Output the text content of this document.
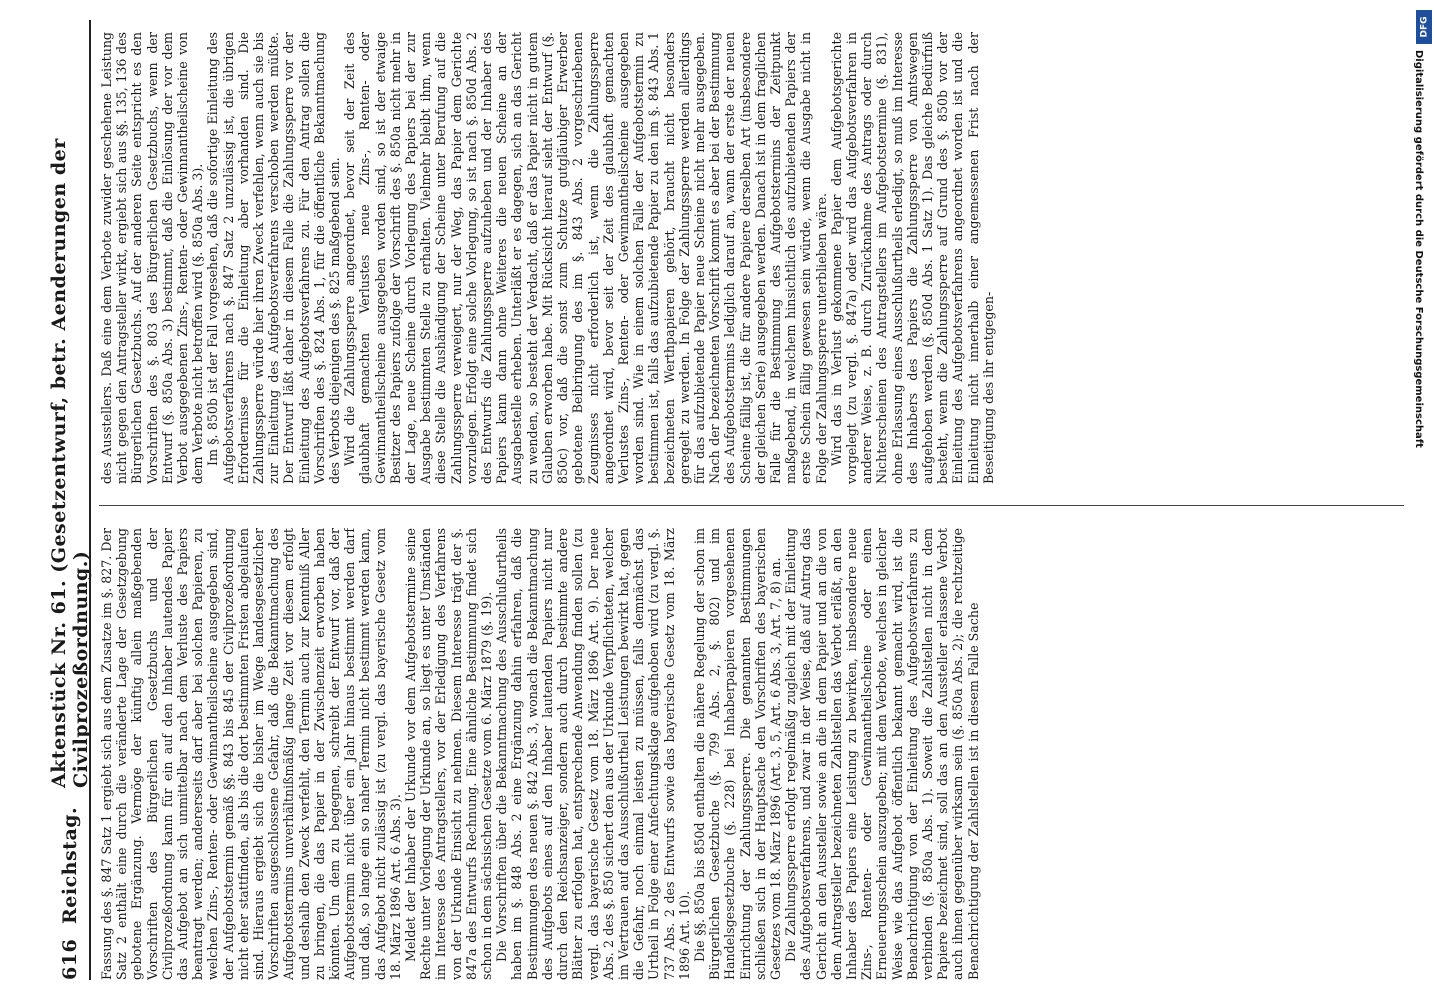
616
Reichstag.
Aktenstück Nr. 61. (Gesetzentwurf, betr. Aenderungen der Civilprozeßordnung.) Fassung des §. 847 Satz 1 ergiebt sich aus dem Zusatze im §. 827. Der Satz 2 enthält eine durch die veränderte Lage der Gesetzgebung gebotene Ergänzung. Vermöge der künftig allein maßgebenden Vorschriften des Bürgerlichen Gesetzbuchs und der Civilprozeßordnung kann für ein auf den Inhaber lautendes Papier das Aufgebot an sich unmittelbar nach dem Verluste des Papiers beantragt werden; andererseits darf aber bei solchen Papieren, zu welchen Zins-, Renten- oder Gewinnantheilscheine ausgegeben sind, der Aufgebotstermin gemäß §§. 843 bis 845 der Civilprozeßordnung nicht eher stattfinden, als bis die dort bestimmten Fristen abgelaufen sind. Hieraus ergiebt sich die bisher im Wege landesgesetzlicher Vorschriften ausgeschlossene Gefahr, daß die Bekanntmachung des Aufgebotstermins unverhältnißmäßig lange Zeit vor diesem erfolgt und deshalb den Zweck verfehlt, den Termin auch zur Kenntniß Aller zu bringen, die das Papier in der Zwischenzeit erworben haben könnten. Um dem zu begegnen, schreibt der Entwurf vor, daß der Aufgebotstermin nicht über ein Jahr hinaus bestimmt werden darf und daß, so lange ein so naher Termin nicht bestimmt werden kann, das Aufgebot nicht zulässig ist (zu vergl. das bayerische Gesetz vom 18. März 1896 Art. 6 Abs. 3). Meldet der Inhaber der Urkunde vor dem Aufgebotstermine seine Rechte unter Vorlegung der Urkunde an, so liegt es unter Umständen im Interesse des Antragstellers, vor der Erledigung des Verfahrens von der Urkunde Einsicht zu nehmen. Diesem Interesse trägt der §. 847a des Entwurfs Rechnung. Eine ähnliche Bestimmung findet sich schon in dem sächsischen Gesetze vom 6. März 1879 (§. 19). Die Vorschriften über die Bekanntmachung des Ausschlußurtheils haben im §. 848 Abs. 2 eine Ergänzung dahin erfahren, daß die Bestimmungen des neuen §. 842 Abs. 3, wonach die Bekanntmachung des Aufgebots eines auf den Inhaber lautenden Papiers nicht nur durch den Reichsanzeiger, sondern auch durch bestimmte andere Blätter zu erfolgen hat, entsprechende Anwendung finden sollen (zu vergl. das bayerische Gesetz vom 18. März 1896 Art. 9). Der neue Abs. 2 des §. 850 sichert den aus der Urkunde Verpflichteten, welcher im Vertrauen auf das Ausschlußurtheil Leistungen bewirkt hat, gegen die Gefahr, noch einmal leisten zu müssen, falls demnächst das Urtheil in Folge einer Anfechtungsklage aufgehoben wird (zu vergl. §. 737 Abs. 2 des Entwurfs sowie das bayerische Gesetz vom 18. März 1896 Art. 10). Die §§. 850a bis 850d enthalten die nähere Regelung der schon im Bürgerlichen Gesetzbuche (§. 799 Abs. 2, §. 802) und im Handelsgesetzbuche (§. 228) bei Inhaberpapieren vorgesehenen Einrichtung der Zahlungssperre. Die genannten Bestimmungen schließen sich in der Hauptsache den Vorschriften des bayerischen Gesetzes vom 18. März 1896 (Art. 3, 5, Art. 6 Abs. 3, Art. 7, 8) an. Die Zahlungssperre erfolgt regelmäßig zugleich mit der Einleitung des Aufgebotsverfahrens, und zwar in der Weise, daß auf Antrag das Gericht an den Aussteller sowie an die in dem Papier und an die von dem Antragsteller bezeichneten Zahlstellen das Verbot erläßt, an den Inhaber des Papiers eine Leistung zu bewirken, insbesondere neue Zins-, Renten- oder Gewinnantheilscheine oder einen Erneuerungsschein auszugeben; mit dem Verbote, welches in gleicher Weise wie das Aufgebot öffentlich bekannt gemacht wird, ist die Benachrichtigung von der Einleitung des Aufgebotsverfahrens zu verbinden (§. 850a Abs. 1). Soweit die Zahlstellen nicht in dem Papiere bezeichnet sind, soll das an den Aussteller erlassene Verbot auch ihnen gegenüber wirksam sein (§. 850a Abs. 2); die rechtzeitige Benachrichtigung der Zahlstellen ist in diesem Falle Sache

des Ausstellers. Daß eine dem Verbote zuwider geschehene Leistung nicht gegen den Antragsteller wirkt, ergiebt sich aus §§. 135, 136 des Bürgerlichen Gesetzbuchs. Auf der anderen Seite entspricht es den Vorschriften des §. 803 des Bürgerlichen Gesetzbuchs, wenn der Entwurf (§. 850a Abs. 3) bestimmt, daß die Einlösung der vor dem Verbot ausgegebenen Zins-, Renten- oder Gewinnantheilscheine von dem Verbote nicht betroffen wird (§. 850a Abs. 3). Im §. 850b ist der Fall vorgesehen, daß die sofortige Einleitung des Aufgebotsverfahrens nach §. 847 Satz 2 unzulässig ist, die übrigen Erfordernisse für die Einleitung aber vorhanden sind. Die Zahlungssperre würde hier ihren Zweck verfehlen, wenn auch sie bis zur Einleitung des Aufgebotsverfahrens verschoben werden müßte. Der Entwurf läßt daher in diesem Falle die Zahlungssperre vor der Einleitung des Aufgebotsverfahrens zu. Für den Antrag sollen die Vorschriften des §. 824 Abs. 1, für die öffentliche Bekanntmachung des Verbots diejenigen des §. 825 maßgebend sein. Wird die Zahlungssperre angeordnet, bevor seit der Zeit des glaubhaft gemachten Verlustes neue Zins-, Renten- oder Gewinnantheilscheine ausgegeben worden sind, so ist der etwaige Besitzer des Papiers zufolge der Vorschrift des §. 850a nicht mehr in der Lage, neue Scheine durch Vorlegung des Papiers bei der zur Ausgabe bestimmten Stelle zu erhalten. Vielmehr bleibt ihm, wenn diese Stelle die Aushändigung der Scheine unter Berufung auf die Zahlungssperre verweigert, nur der Weg, das Papier dem Gerichte vorzulegen. Erfolgt eine solche Vorlegung, so ist nach §. 850d Abs. 2 des Entwurfs die Zahlungssperre aufzuheben und der Inhaber des Papiers kann dann ohne Weiteres die neuen Scheine an der Ausgabestelle erheben. Unterläßt er es dagegen, sich an das Gericht zu wenden, so besteht der Verdacht, daß er das Papier nicht in gutem Glauben erworben habe. Mit Rücksicht hierauf sieht der Entwurf (§. 850c) vor, daß die sonst zum Schutze gutgläubiger Erwerber gebotene Beibringung des im §. 843 Abs. 2 vorgeschriebenen Zeugnisses nicht erforderlich ist, wenn die Zahlungssperre angeordnet wird, bevor seit der Zeit des glaubhaft gemachten Verlustes Zins-, Renten- oder Gewinnantheilscheine ausgegeben worden sind. Wie in einem solchen Falle der Aufgebotstermin zu bestimmen ist, falls das aufzubietende Papier zu den im §. 843 Abs. 1 bezeichneten Werthpapieren gehört, braucht nicht besonders geregelt zu werden. In Folge der Zahlungssperre werden allerdings für das aufzubietende Papier neue Scheine nicht mehr ausgegeben. Nach der bezeichneten Vorschrift kommt es aber bei der Bestimmung des Aufgebotstermins lediglich darauf an, wann der erste der neuen Scheine fällig ist, die für andere Papiere derselben Art (insbesondere der gleichen Serie) ausgegeben werden. Danach ist in dem fraglichen Falle für die Bestimmung des Aufgebotstermins der Zeitpunkt maßgebend, in welchem hinsichtlich des aufzubietenden Papiers der erste Schein fällig gewesen sein würde, wenn die Ausgabe nicht in Folge der Zahlungssperre unterblieben wäre. Wird das in Verlust gekommene Papier dem Aufgebotsgerichte vorgelegt (zu vergl. §. 847a) oder wird das Aufgebotsverfahren in anderer Weise, z. B. durch Zurücknahme des Antrags oder durch Nichterscheinen des Antragstellers im Aufgebotstermine (§. 831), ohne Erlassung eines Ausschlußurtheils erledigt, so muß im Interesse des Inhabers des Papiers die Zahlungssperre von Amtswegen aufgehoben werden (§. 850d Abs. 1 Satz 1). Das gleiche Bedürfniß besteht, wenn die Zahlungssperre auf Grund des §. 850b vor der Einleitung des Aufgebotsverfahrens angeordnet worden ist und die Einleitung nicht innerhalb einer angemessenen Frist nach der Beseitigung des ihr entgegen-

DFG
Digitalisierung gefördert durch die Deutsche Forschungsgemeinschaft
